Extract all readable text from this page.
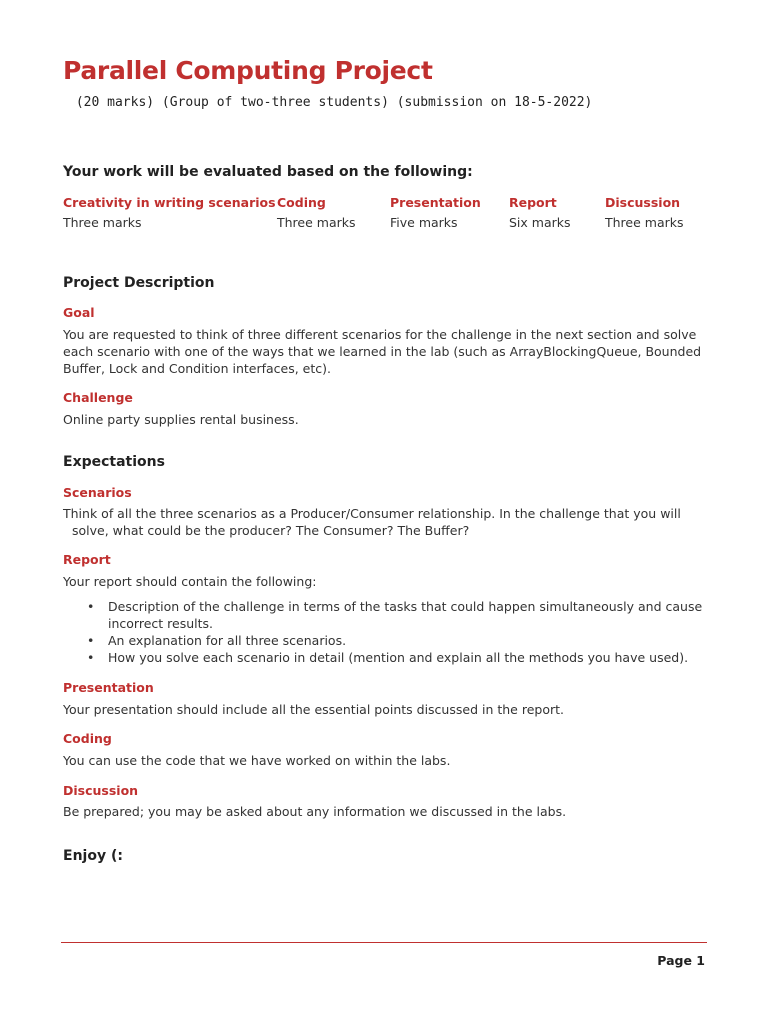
Parallel Computing Project

(20 marks) (Group of two-three students) (submission on 18-5-2022)

Your work will be evaluated based on the following:
Creativity in writing scenarios
Three marks
Coding
Three marks
Presentation
Five marks
Report
Six marks
Discussion
Three marks
Project Description
Goal
You are requested to think of three different scenarios for the challenge in the next section and solve
each scenario with one of the ways that we learned in the lab (such as ArrayBlockingQueue, Bounded
Buffer, Lock and Condition interfaces, etc).
Challenge
Online party supplies rental business.
Expectations
Scenarios
Think of all the three scenarios as a Producer/Consumer relationship. In the challenge that you will
solve, what could be the producer? The Consumer? The Buffer?
Report
Your report should contain the following:
• Description of the challenge in terms of the tasks that could happen simultaneously and cause
incorrect results.
• An explanation for all three scenarios.
• How you solve each scenario in detail (mention and explain all the methods you have used).
Presentation
Your presentation should include all the essential points discussed in the report.
Coding
You can use the code that we have worked on within the labs.
Discussion
Be prepared; you may be asked about any information we discussed in the labs.
Enjoy (:
Page 1
